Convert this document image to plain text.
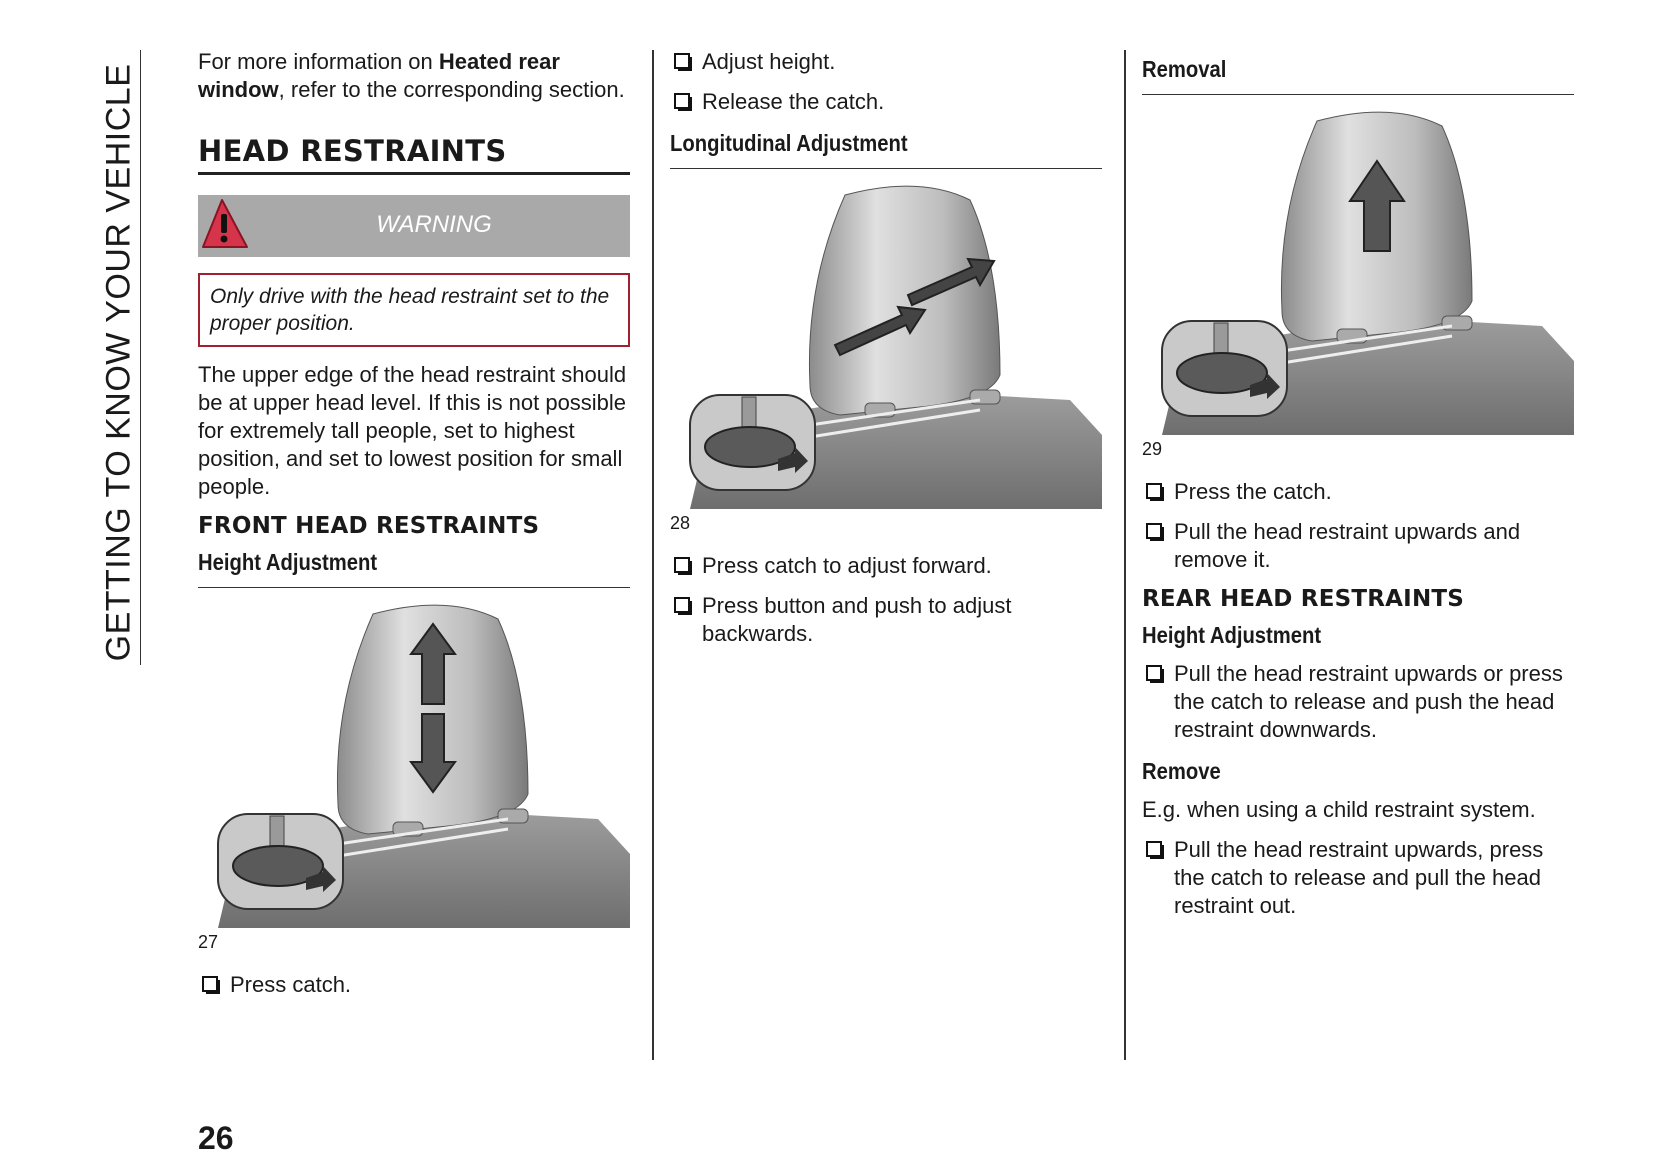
GETTING TO KNOW YOUR VEHICLE

For more information on Heated rear window, refer to the corresponding section.

HEAD RESTRAINTS
WARNING
Only drive with the head restraint set to the proper position.

The upper edge of the head restraint should be at upper head level. If this is not possible for extremely tall people, set to highest position, and set to lowest position for small people.

FRONT HEAD RESTRAINTS
Height Adjustment
27
Press catch.
Adjust height.
Release the catch.
Longitudinal Adjustment
28
Press catch to adjust forward.
Press button and push to adjust backwards.
Removal
29
Press the catch.
Pull the head restraint upwards and remove it.
REAR HEAD RESTRAINTS
Height Adjustment
Pull the head restraint upwards or press the catch to release and push the head restraint downwards.
Remove

E.g. when using a child restraint system.

Pull the head restraint upwards, press the catch to release and pull the head restraint out.
26
